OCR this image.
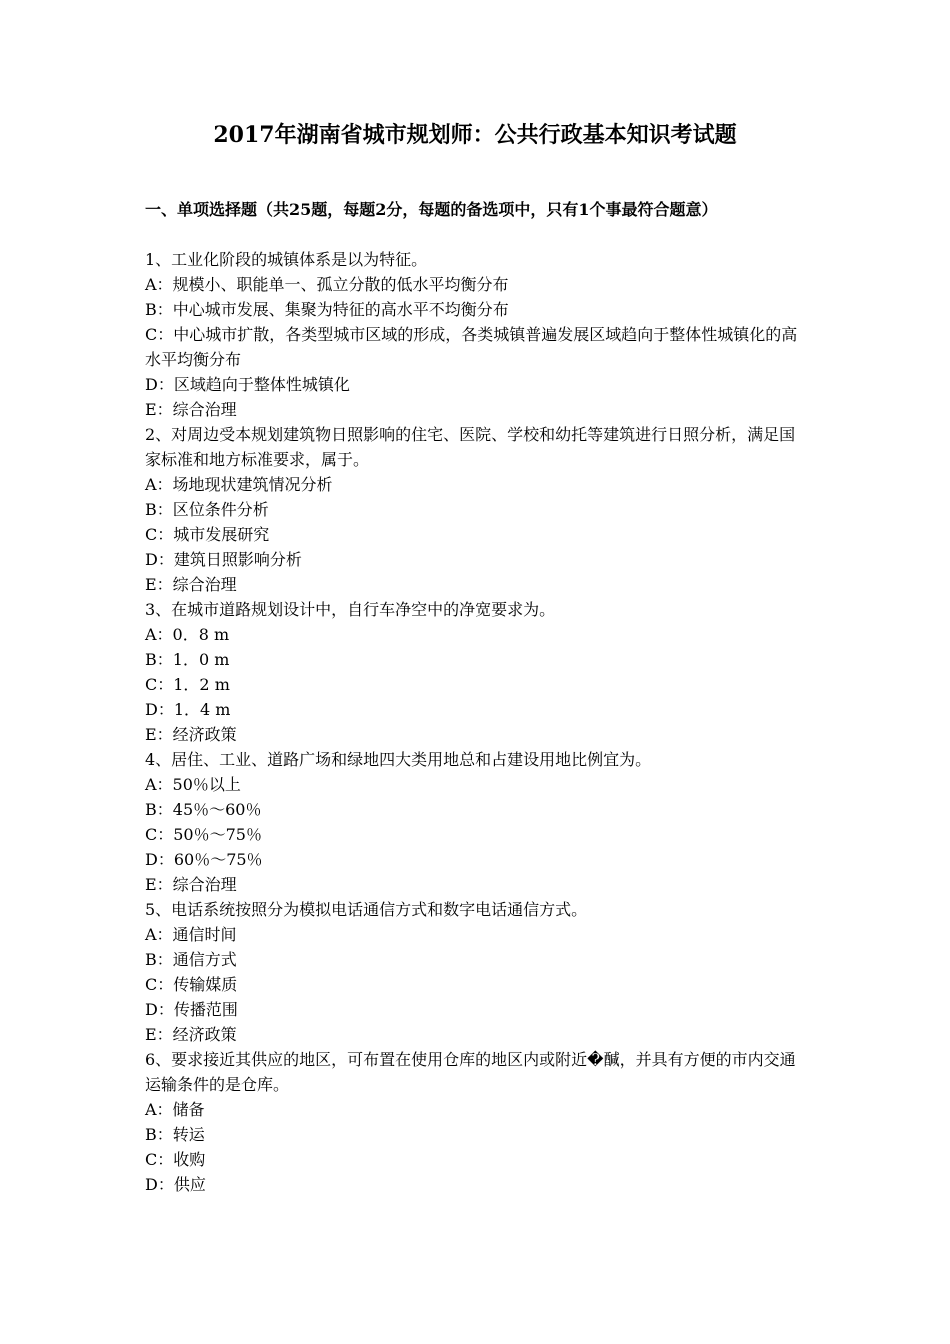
2017年湖南省城市规划师：公共行政基本知识考试题
一、单项选择题（共25题，每题2分，每题的备选项中，只有1个事最符合题意）
1、工业化阶段的城镇体系是以为特征。
A：规模小、职能单一、孤立分散的低水平均衡分布
B：中心城市发展、集聚为特征的高水平不均衡分布
C：中心城市扩散，各类型城市区域的形成，各类城镇普遍发展区域趋向于整体性城镇化的高水平均衡分布
D：区域趋向于整体性城镇化
E：综合治理
2、对周边受本规划建筑物日照影响的住宅、医院、学校和幼托等建筑进行日照分析，满足国家标准和地方标准要求，属于。
A：场地现状建筑情况分析
B：区位条件分析
C：城市发展研究
D：建筑日照影响分析
E：综合治理
3、在城市道路规划设计中，自行车净空中的净宽要求为。
A：0．8 m
B：1．0 m
C：1．2 m
D：1．4 m
E：经济政策
4、居住、工业、道路广场和绿地四大类用地总和占建设用地比例宜为。
A：50％以上
B：45％～60％
C：50％～75％
D：60％～75％
E：综合治理
5、电话系统按照分为模拟电话通信方式和数字电话通信方式。
A：通信时间
B：通信方式
C：传输媒质
D：传播范围
E：经济政策
6、要求接近其供应的地区，可布置在使用仓库的地区内或附近�醎，并具有方便的市内交通运输条件的是仓库。
A：储备
B：转运
C：收购
D：供应
